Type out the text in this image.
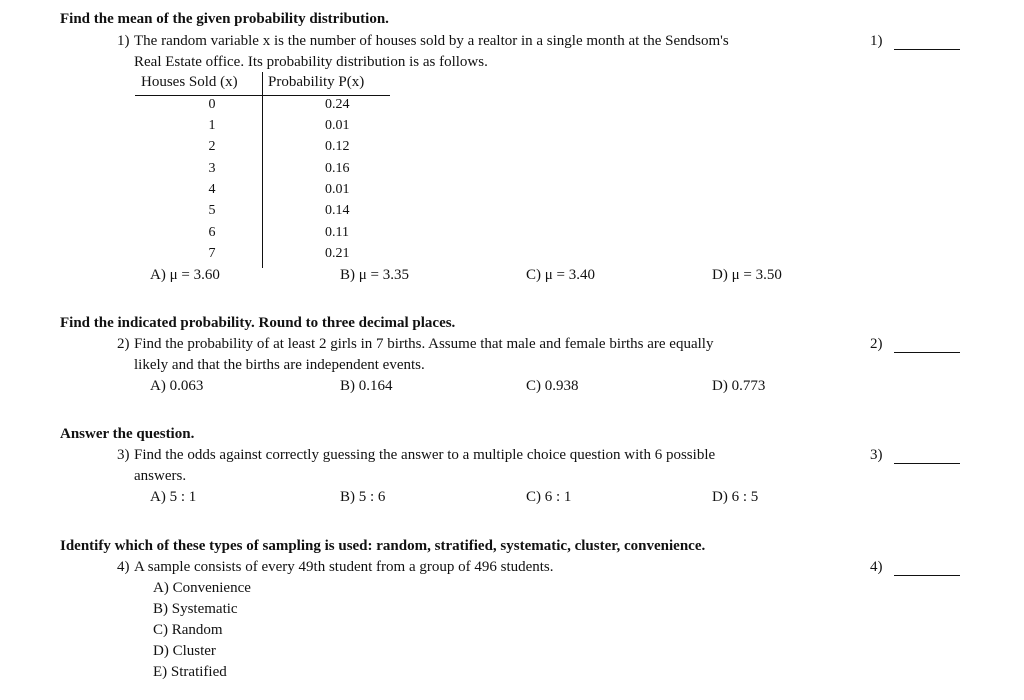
Find the mean of the given probability distribution.
1) The random variable x is the number of houses sold by a realtor in a single month at the Sendsom's
Real Estate office. Its probability distribution is as follows.
1)
Houses Sold (x) Probability P(x)
0	0.24
1	0.01
2	0.12
3	0.16
4	0.01
5	0.14
6	0.11
7	0.21
A) μ = 3.60	B) μ = 3.35	C) μ = 3.40	D) μ = 3.50
Find the indicated probability. Round to three decimal places.
2) Find the probability of at least 2 girls in 7 births. Assume that male and female births are equally
likely and that the births are independent events.
2)
A) 0.063	B) 0.164	C) 0.938	D) 0.773
Answer the question.
3) Find the odds against correctly guessing the answer to a multiple choice question with 6 possible
answers.
3)
A) 5 : 1	B) 5 : 6	C) 6 : 1	D) 6 : 5
Identify which of these types of sampling is used: random, stratified, systematic, cluster, convenience.
4) A sample consists of every 49th student from a group of 496 students.	4)
A) Convenience
B) Systematic
C) Random
D) Cluster
E) Stratified
